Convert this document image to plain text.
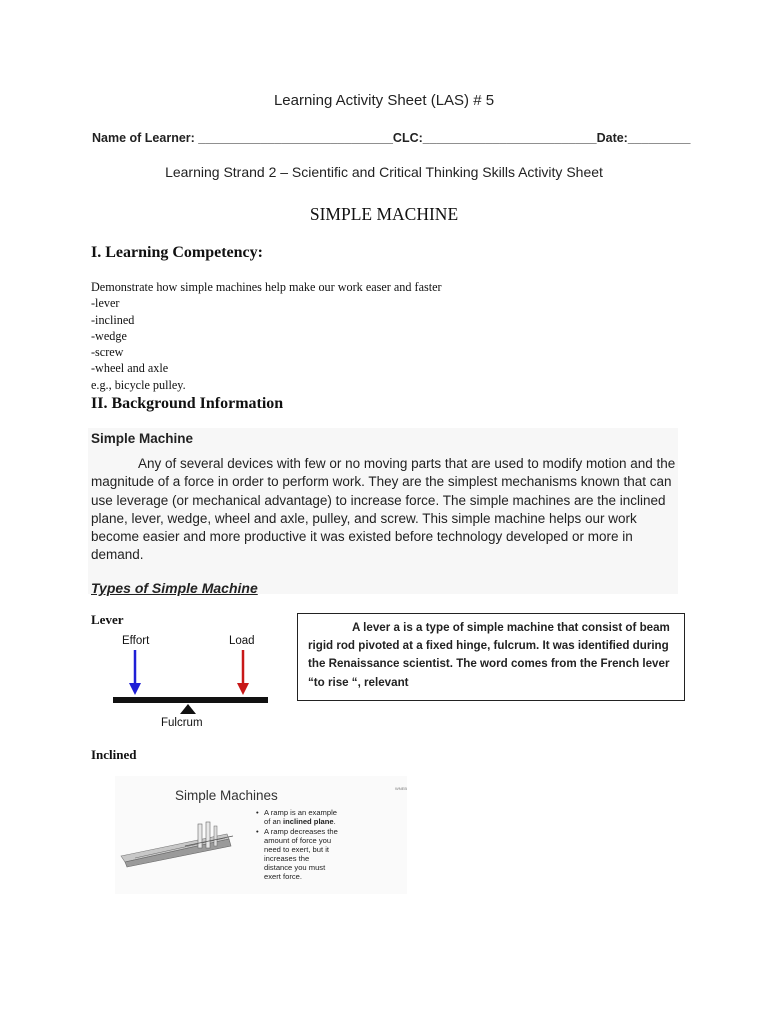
Learning Activity Sheet (LAS) # 5
Name of Learner: ____________________________CLC:_________________________Date:_________
Learning Strand 2 – Scientific and Critical Thinking Skills Activity Sheet
SIMPLE MACHINE
I. Learning Competency:
Demonstrate how simple machines help make our work easer and faster
-lever
-inclined
-wedge
-screw
-wheel and axle
e.g., bicycle pulley.
II. Background Information
Simple Machine
Any of several devices with few or no moving parts that are used to modify motion and the magnitude of a force in order to perform work. They are the simplest mechanisms known that can use leverage (or mechanical advantage) to increase force. The simple machines are the inclined plane, lever, wedge, wheel and axle, pulley, and screw. This simple machine helps our work become easier and more productive it was existed before technology developed or more in demand.
Types of Simple Machine
Lever
Effort	Load
Fulcrum
A lever a is a type of simple machine that consist of beam rigid rod pivoted at a fixed hinge, fulcrum. It was identified during the Renaissance scientist. The word comes from the French lever “to rise “, relevant
Inclined
Simple Machines	WNEB
• A ramp is an example
of an inclined plane.
• A ramp decreases the
amount of force you
need to exert, but it
increases the
distance you must
exert force.
